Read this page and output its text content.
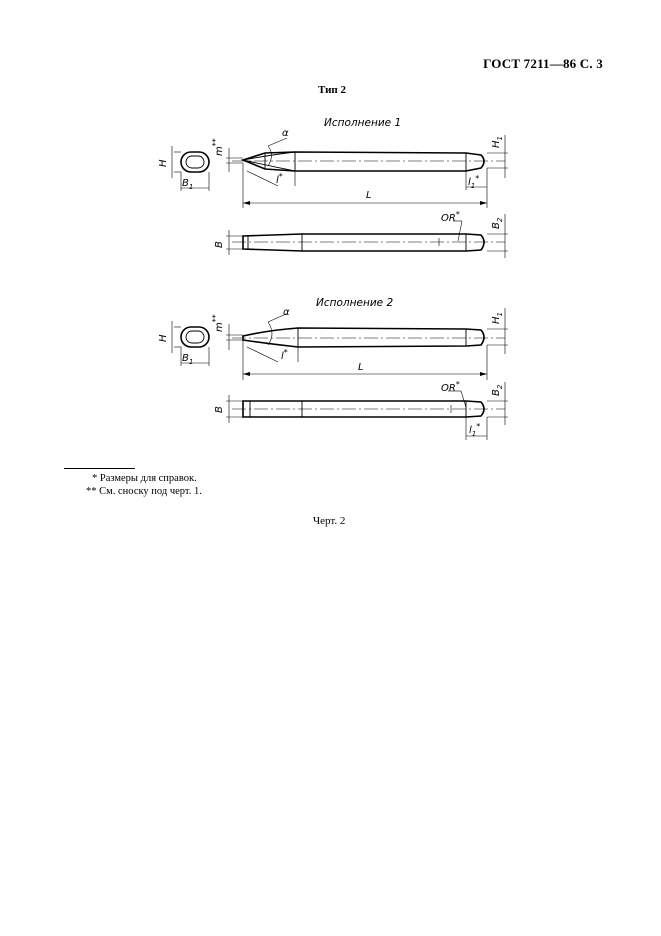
ГОСТ 7211—86 С. 3
Тип 2
Исполнение 1
H
$B_1$
m**
α
l*
$H_1$
$l_1^*$
L
B
OR*
$B_2$
Исполнение 2
H
$B_1$
m**
α
l*
$H_1$
L
B
OR*
$B_2$
$l_1^*$
* Размеры для справок.
** См. сноску под черт. 1.
Черт. 2
